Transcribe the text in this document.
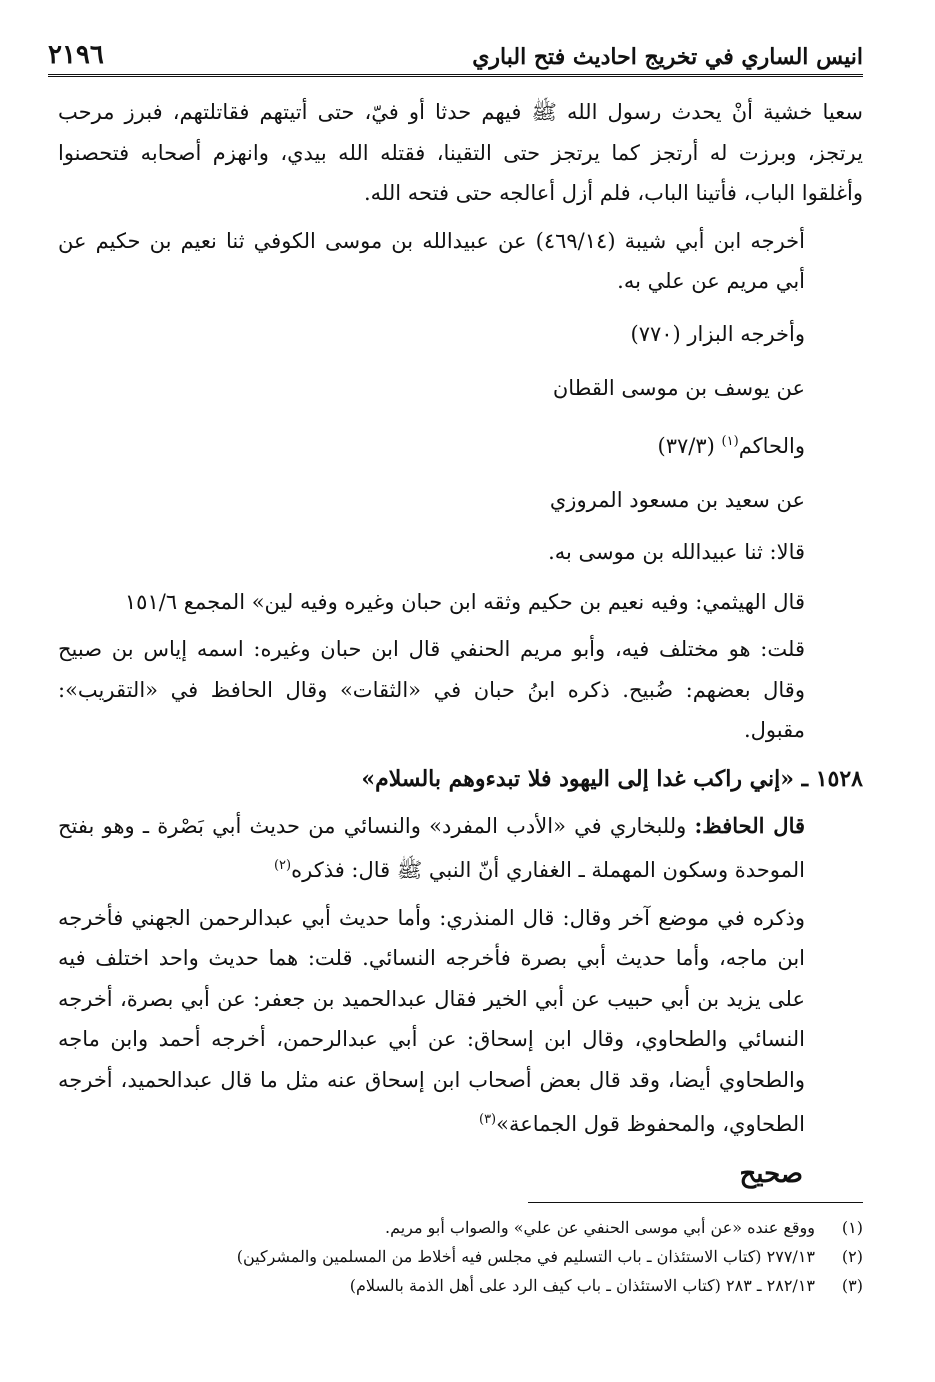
انيس الساري في تخريج احاديث فتح الباري
٢١٩٦

سعيا خشية أنْ يحدث رسول الله ﷺ فيهم حدثا أو فيّ، حتى أتيتهم فقاتلتهم، فبرز مرحب يرتجز، وبرزت له أرتجز كما يرتجز حتى التقينا، فقتله الله بيدي، وانهزم أصحابه فتحصنوا وأغلقوا الباب، فأتينا الباب، فلم أزل أعالجه حتى فتحه الله.

أخرجه ابن أبي شيبة (٤٦٩/١٤) عن عبيدالله بن موسى الكوفي ثنا نعيم بن حكيم عن أبي مريم عن علي به.

وأخرجه البزار (٧٧٠)

عن يوسف بن موسى القطان

والحاكم$^{(١)}$ (٣٧/٣)

عن سعيد بن مسعود المروزي

قالا: ثنا عبيدالله بن موسى به.

قال الهيثمي: وفيه نعيم بن حكيم وثقه ابن حبان وغيره وفيه لين» المجمع ١٥١/٦

قلت: هو مختلف فيه، وأبو مريم الحنفي قال ابن حبان وغيره: اسمه إياس بن صبيح وقال بعضهم: ضُبيح. ذكره ابنُ حبان في «الثقات» وقال الحافظ في «التقريب»: مقبول.

١٥٢٨ ـ «إني راكب غدا إلى اليهود فلا تبدءوهم بالسلام»

قال الحافظ: وللبخاري في «الأدب المفرد» والنسائي من حديث أبي بَصْرة ـ وهو بفتح الموحدة وسكون المهملة ـ الغفاري أنّ النبي ﷺ قال: فذكره$^{(٢)}$

وذكره في موضع آخر وقال: قال المنذري: وأما حديث أبي عبدالرحمن الجهني فأخرجه ابن ماجه، وأما حديث أبي بصرة فأخرجه النسائي. قلت: هما حديث واحد اختلف فيه على يزيد بن أبي حبيب عن أبي الخير فقال عبدالحميد بن جعفر: عن أبي بصرة، أخرجه النسائي والطحاوي، وقال ابن إسحاق: عن أبي عبدالرحمن، أخرجه أحمد وابن ماجه والطحاوي أيضا، وقد قال بعض أصحاب ابن إسحاق عنه مثل ما قال عبدالحميد، أخرجه الطحاوي، والمحفوظ قول الجماعة»$^{(٣)}$

صحيح
(١)
ووقع عنده «عن أبي موسى الحنفي عن علي» والصواب أبو مريم.
(٢)
٢٧٧/١٣ (كتاب الاستئذان ـ باب التسليم في مجلس فيه أخلاط من المسلمين والمشركين)
(٣)
٢٨٢/١٣ ـ ٢٨٣ (كتاب الاستئذان ـ باب كيف الرد على أهل الذمة بالسلام)
